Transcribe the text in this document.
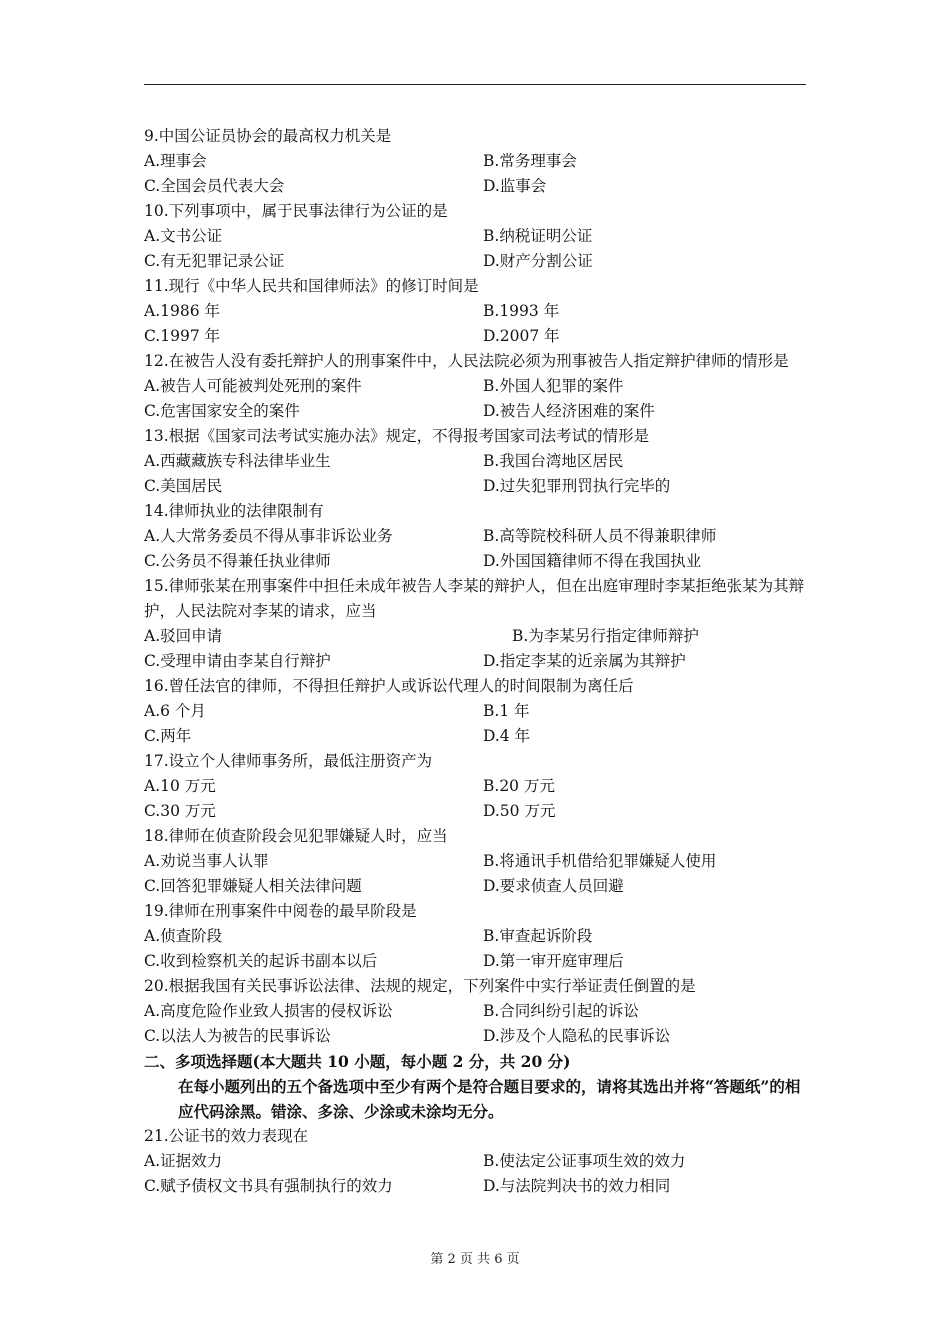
9.中国公证员协会的最高权力机关是
A.理事会	B.常务理事会
C.全国会员代表大会	D.监事会
10.下列事项中，属于民事法律行为公证的是
A.文书公证	B.纳税证明公证
C.有无犯罪记录公证	D.财产分割公证
11.现行《中华人民共和国律师法》的修订时间是
A.1986 年	B.1993 年
C.1997 年	D.2007 年
12.在被告人没有委托辩护人的刑事案件中，人民法院必须为刑事被告人指定辩护律师的情形是
A.被告人可能被判处死刑的案件	B.外国人犯罪的案件
C.危害国家安全的案件	D.被告人经济困难的案件
13.根据《国家司法考试实施办法》规定，不得报考国家司法考试的情形是
A.西藏藏族专科法律毕业生	B.我国台湾地区居民
C.美国居民	D.过失犯罪刑罚执行完毕的
14.律师执业的法律限制有
A.人大常务委员不得从事非诉讼业务	B.高等院校科研人员不得兼职律师
C.公务员不得兼任执业律师	D.外国国籍律师不得在我国执业
15.律师张某在刑事案件中担任未成年被告人李某的辩护人，但在出庭审理时李某拒绝张某为其辩护，人民法院对李某的请求，应当
A.驳回申请	B.为李某另行指定律师辩护
C.受理申请由李某自行辩护	D.指定李某的近亲属为其辩护
16.曾任法官的律师，不得担任辩护人或诉讼代理人的时间限制为离任后
A.6 个月	B.1 年
C.两年	D.4 年
17.设立个人律师事务所，最低注册资产为
A.10 万元	B.20 万元
C.30 万元	D.50 万元
18.律师在侦查阶段会见犯罪嫌疑人时，应当
A.劝说当事人认罪	B.将通讯手机借给犯罪嫌疑人使用
C.回答犯罪嫌疑人相关法律问题	D.要求侦查人员回避
19.律师在刑事案件中阅卷的最早阶段是
A.侦查阶段	B.审查起诉阶段
C.收到检察机关的起诉书副本以后	D.第一审开庭审理后
20.根据我国有关民事诉讼法律、法规的规定，下列案件中实行举证责任倒置的是
A.高度危险作业致人损害的侵权诉讼	B.合同纠纷引起的诉讼
C.以法人为被告的民事诉讼	D.涉及个人隐私的民事诉讼
二、多项选择题(本大题共 10 小题，每小题 2 分，共 20 分)
在每小题列出的五个备选项中至少有两个是符合题目要求的，请将其选出并将“答题纸”的相应代码涂黑。错涂、多涂、少涂或未涂均无分。
21.公证书的效力表现在
A.证据效力	B.使法定公证事项生效的效力
C.赋予债权文书具有强制执行的效力	D.与法院判决书的效力相同
第 2 页 共 6 页
